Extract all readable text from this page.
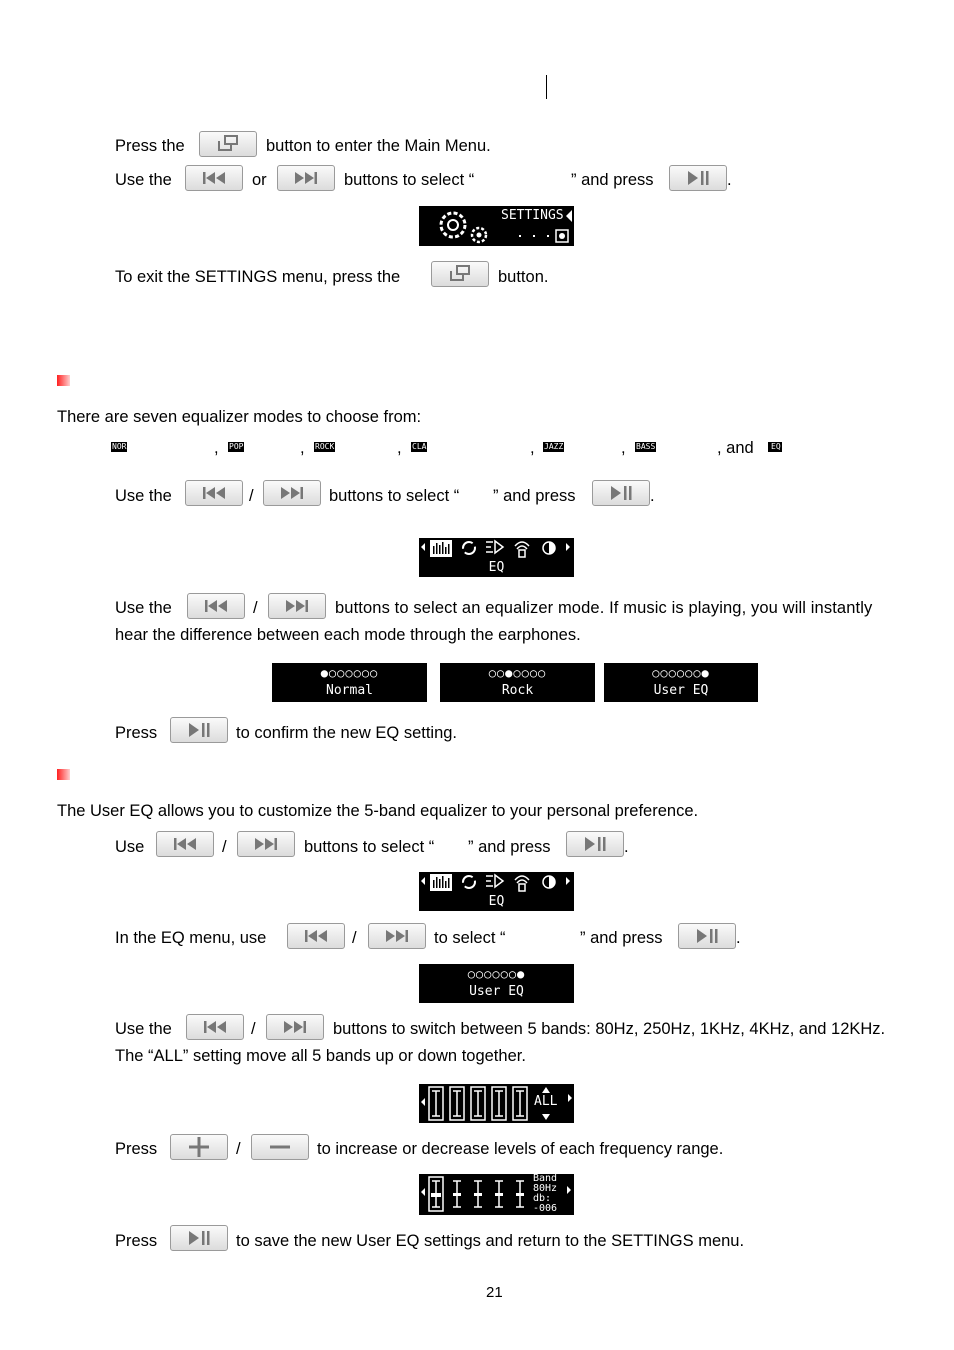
Press the	button to enter the Main Menu.
Use the	or	buttons to select “	” and press	.
SETTINGS
To exit the SETTINGS menu, press the	button.
There are seven equalizer modes to choose from:
NOR	, POP	, ROCK	, CLA	, JAZZ	, BASS	, and	EQ
Use the	/	buttons to select “ ” and press	.
EQ
Use the	/	buttons to select an equalizer mode. If music is playing, you will instantly
hear the difference between each mode through the earphones.
●○○○○○○
Normal
○○●○○○○
Rock
○○○○○○●
User EQ
Press	to confirm the new EQ setting.
The User EQ allows you to customize the 5-band equalizer to your personal preference.
Use	/	buttons to select “ ” and press	.
EQ
In the EQ menu, use	/	to select “	” and press	.
○○○○○○●
User EQ
Use the	/	buttons to switch between 5 bands: 80Hz, 250Hz, 1KHz, 4KHz, and 12KHz.
The “ALL” setting move all 5 bands up or down together.
ALL
Press	/	to increase or decrease levels of each frequency range.
Band
80Hz
db:
-006
Press	to save the new User EQ settings and return to the SETTINGS menu.
21
